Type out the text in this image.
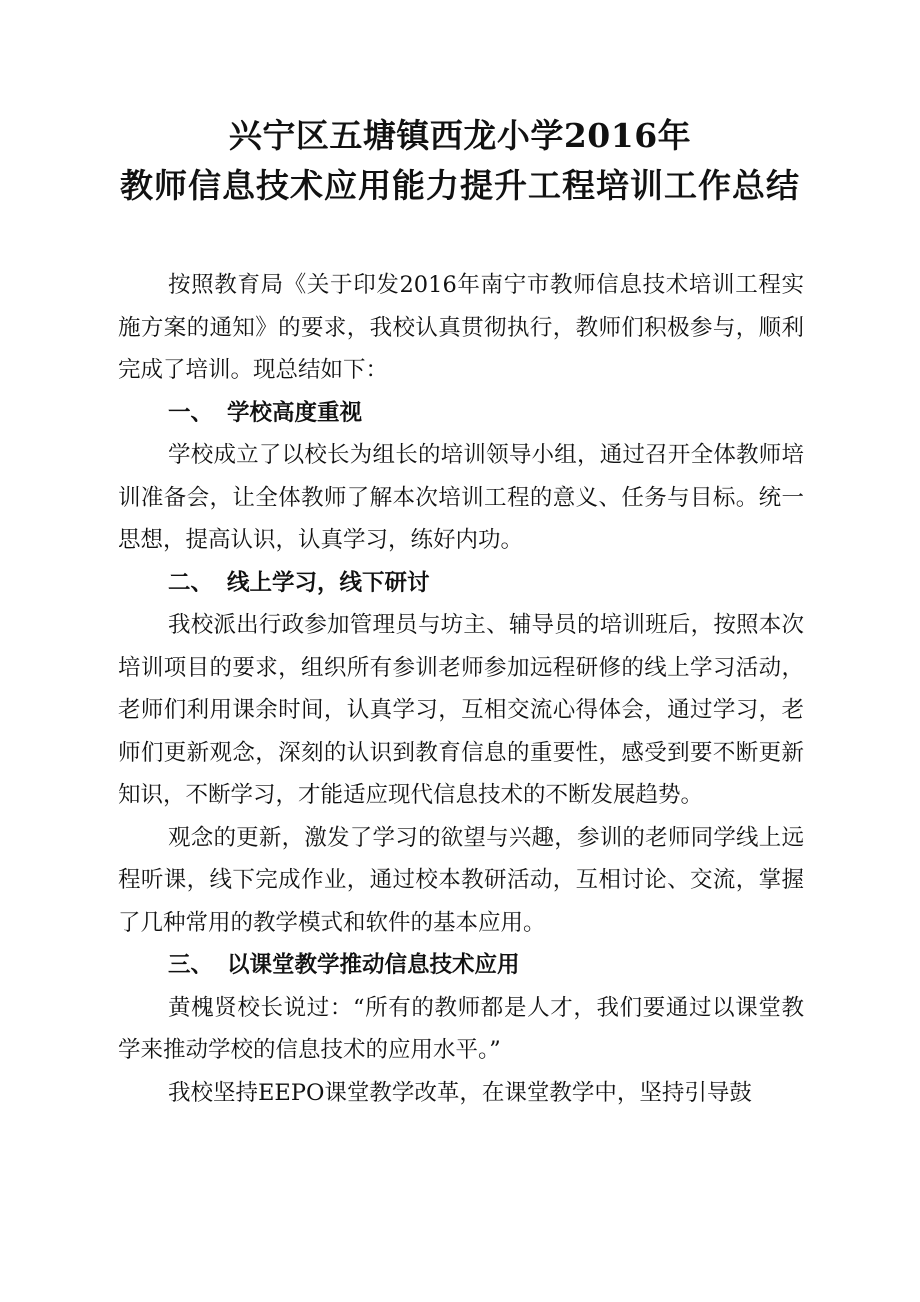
兴宁区五塘镇西龙小学2016年
教师信息技术应用能力提升工程培训工作总结

按照教育局《关于印发2016年南宁市教师信息技术培训工程实施方案的通知》的要求，我校认真贯彻执行，教师们积极参与，顺利完成了培训。现总结如下：

一、 学校高度重视

学校成立了以校长为组长的培训领导小组，通过召开全体教师培训准备会，让全体教师了解本次培训工程的意义、任务与目标。统一思想，提高认识，认真学习，练好内功。

二、 线上学习，线下研讨

我校派出行政参加管理员与坊主、辅导员的培训班后，按照本次培训项目的要求，组织所有参训老师参加远程研修的线上学习活动，老师们利用课余时间，认真学习，互相交流心得体会，通过学习，老师们更新观念，深刻的认识到教育信息的重要性，感受到要不断更新知识，不断学习，才能适应现代信息技术的不断发展趋势。

观念的更新，激发了学习的欲望与兴趣，参训的老师同学线上远程听课，线下完成作业，通过校本教研活动，互相讨论、交流，掌握了几种常用的教学模式和软件的基本应用。

三、 以课堂教学推动信息技术应用

黄槐贤校长说过：“所有的教师都是人才，我们要通过以课堂教学来推动学校的信息技术的应用水平。”

我校坚持EEPO课堂教学改革，在课堂教学中，坚持引导鼓
